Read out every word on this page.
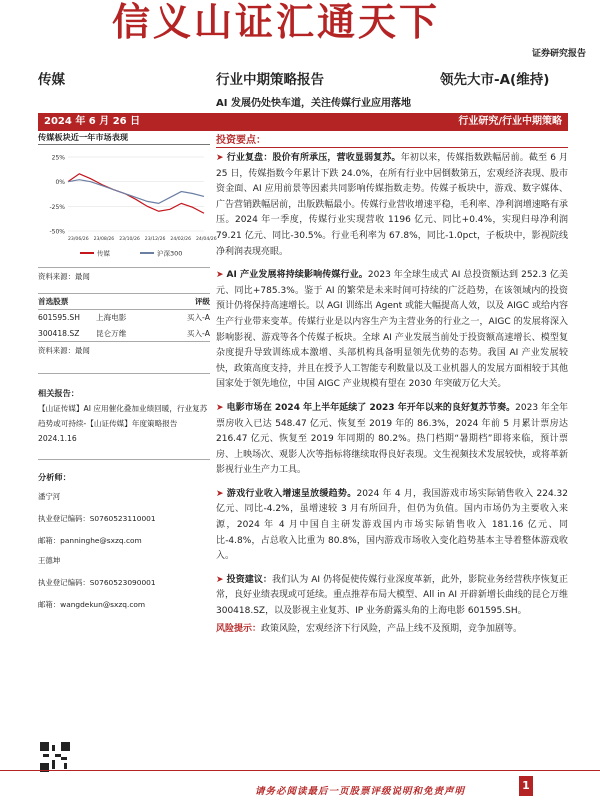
信义山证汇通天下
证券研究报告
传媒	行业中期策略报告	领先大市-A(维持)
AI 发展仍处快车道，关注传媒行业应用落地
2024 年 6 月 26 日	行业研究/行业中期策略
传媒板块近一年市场表现
25%
0%
-25%
-50%
23/06/26 23/08/26 23/10/26 23/12/26 24/02/26 24/04/26
传媒	沪深300
资料来源：最闻
首选股票	评级
601595.SH	上海电影	买入-A
300418.SZ	昆仑万维	买入-A
资料来源：最闻
相关报告：
【山证传媒】AI 应用催化叠加业绩回暖，行业复苏趋势或可持续-【山证传媒】年度策略报告 2024.1.16
分析师：
潘宁河
执业登记编码：S0760523110001
邮箱：panninghe@sxzq.com
王德坤
执业登记编码：S0760523090001
邮箱：wangdekun@sxzq.com
投资要点：
➤ 行业复盘：股价有所承压，营收显弱复苏。年初以来，传媒指数跌幅居前。截至 6 月 25 日，传媒指数今年累计下跌 24.0%，在所有行业中居倒数第五，宏观经济表现、股市资金面、AI 应用前景等因素共同影响传媒指数走势。传媒子板块中，游戏、数字媒体、广告营销跌幅居前，出版跌幅最小。传媒行业营收增速平稳，毛利率、净利润增速略有承压。2024 年一季度，传媒行业实现营收 1196 亿元、同比+0.4%，实现归母净利润 79.21 亿元、同比-30.5%。行业毛利率为 67.8%，同比-1.0pct，子板块中，影视院线净利润表现亮眼。
➤ AI 产业发展将持续影响传媒行业。2023 年全球生成式 AI 总投资额达到 252.3 亿美元、同比+785.3%。鉴于 AI 的繁荣是未来时间可持续的广泛趋势，在该领域内的投资预计仍将保持高速增长。以 AGI 训练出 Agent 或能大幅提高人效，以及 AIGC 或给内容生产行业带来变革。传媒行业是以内容生产为主营业务的行业之一，AIGC 的发展将深入影响影视、游戏等各个传媒子板块。全球 AI 产业发展当前处于投资额高速增长、模型复杂度提升导致训练成本激增、头部机构具备明显领先优势的态势。我国 AI 产业发展较快，政策高度支持，并且在授予人工智能专利数量以及工业机器人的发展方面相较于其他国家处于领先地位，中国 AIGC 产业规模有望在 2030 年突破万亿大关。
➤ 电影市场在 2024 年上半年延续了 2023 年开年以来的良好复苏节奏。2023 年全年票房收入已达 548.47 亿元、恢复至 2019 年的 86.3%，2024 年前 5 月累计票房达 216.47 亿元、恢复至 2019 年同期的 80.2%。热门档期“暑期档”即将来临，预计票房、上映场次、观影人次等指标将继续取得良好表现。文生视频技术发展较快，或将革新影视行业生产力工具。
➤ 游戏行业收入增速呈放缓趋势。2024 年 4 月，我国游戏市场实际销售收入 224.32 亿元、同比-4.2%，虽增速较 3 月有所回升，但仍为负值。国内市场仍为主要收入来源，2024 年 4 月中国自主研发游戏国内市场实际销售收入 181.16 亿元、同比-4.8%，占总收入比重为 80.8%，国内游戏市场收入变化趋势基本主导着整体游戏收入。
➤ 投资建议：我们认为 AI 仍将促使传媒行业深度革新，此外，影院业务经营秩序恢复正常，良好业绩表现或可延续。重点推荐布局大模型、All in AI 开辟新增长曲线的昆仑万维 300418.SZ，以及影视主业复苏、IP 业务蔚露头角的上海电影 601595.SH。
风险提示：政策风险，宏观经济下行风险，产品上线不及预期，竞争加剧等。
请务必阅读最后一页股票评级说明和免责声明	1
